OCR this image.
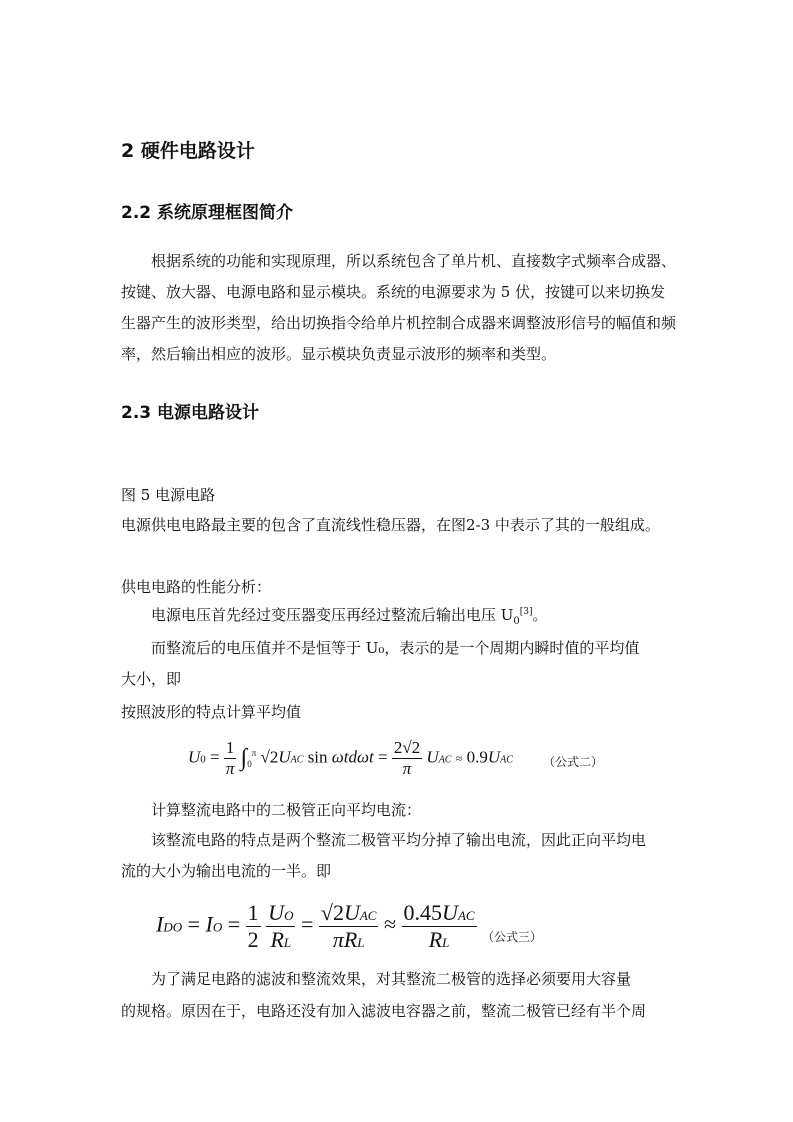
2 硬件电路设计
2.2 系统原理框图简介
根据系统的功能和实现原理，所以系统包含了单片机、直接数字式频率合成器、按键、放大器、电源电路和显示模块。系统的电源要求为 5 伏，按键可以来切换发生器产生的波形类型，给出切换指令给单片机控制合成器来调整波形信号的幅值和频率，然后输出相应的波形。显示模块负责显示波形的频率和类型。
2.3 电源电路设计
图 5 电源电路
电源供电电路最主要的包含了直流线性稳压器，在图2-3 中表示了其的一般组成。
供电电路的性能分析：
电源电压首先经过变压器变压再经过整流后输出电压 $U_0[3]$。
而整流后的电压值并不是恒等于 U₀，表示的是一个周期内瞬时值的平均值
大小，即
按照波形的特点计算平均值
$U0 = \frac{1}{\pi} \int_0^\pi$ √2UAC $\sin \omega td\omega t = \frac{2√2}{\pi}$ UAC ≈ 0.9UAC	（公式二）
计算整流电路中的二极管正向平均电流：
该整流电路的特点是两个整流二极管平均分掉了输出电流，因此正向平均电
流的大小为输出电流的一半。即
IDO = IO = $\frac{1}{2}$
$\frac{UO}{RL} = \frac{\text{√2UAC}}{\text{πRL}} \approx \frac{\text{0.45UAC}}{RL}$ （公式三）
为了满足电路的滤波和整流效果，对其整流二极管的选择必须要用大容量
的规格。原因在于，电路还没有加入滤波电容器之前，整流二极管已经有半个周
